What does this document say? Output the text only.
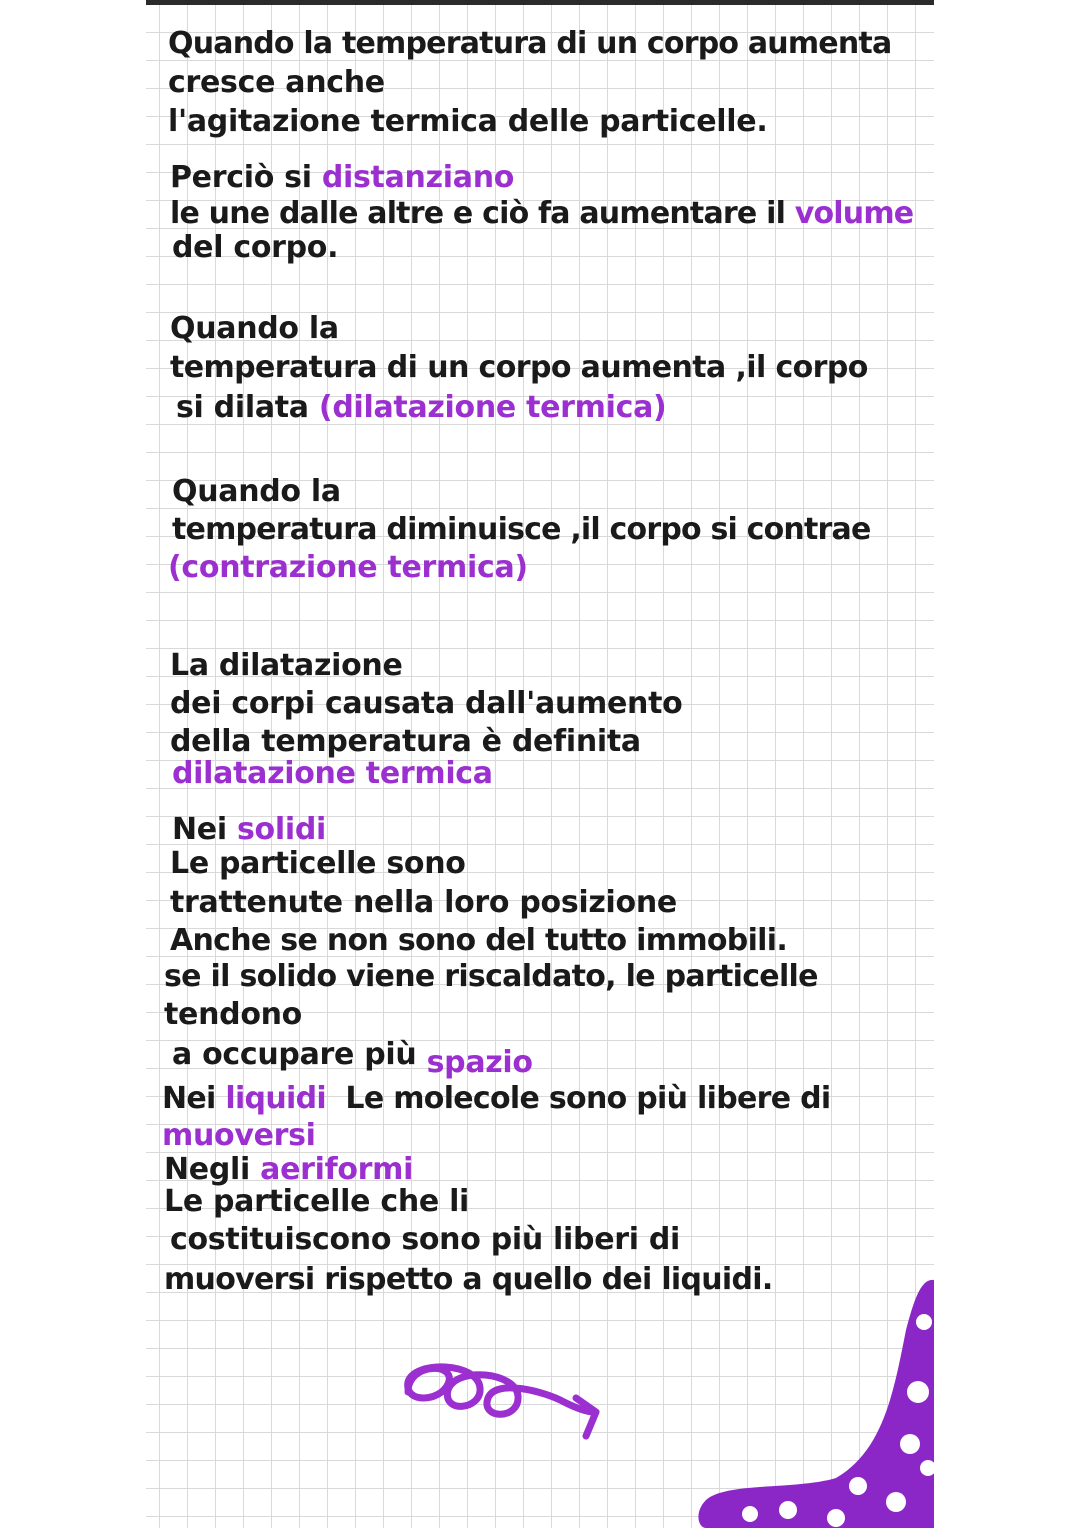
Quando la temperatura di un corpo aumenta
cresce anche
l'agitazione termica delle particelle.
Perciò si distanziano
le une dalle altre e ciò fa aumentare il volume
del corpo.
Quando la
temperatura di un corpo aumenta ,il corpo
si dilata (dilatazione termica)
Quando la
temperatura diminuisce ,il corpo si contrae
(contrazione termica)
La dilatazione
dei corpi causata dall'aumento
della temperatura è definita
dilatazione termica
Nei solidi
Le particelle sono
trattenute nella loro posizione
Anche se non sono del tutto immobili.
se il solido viene riscaldato, le particelle
tendono
a occupare più spazio
Nei liquidi  Le molecole sono più libere di
muoversi
Negli aeriformi
Le particelle che li
costituiscono sono più liberi di
muoversi rispetto a quello dei liquidi.
